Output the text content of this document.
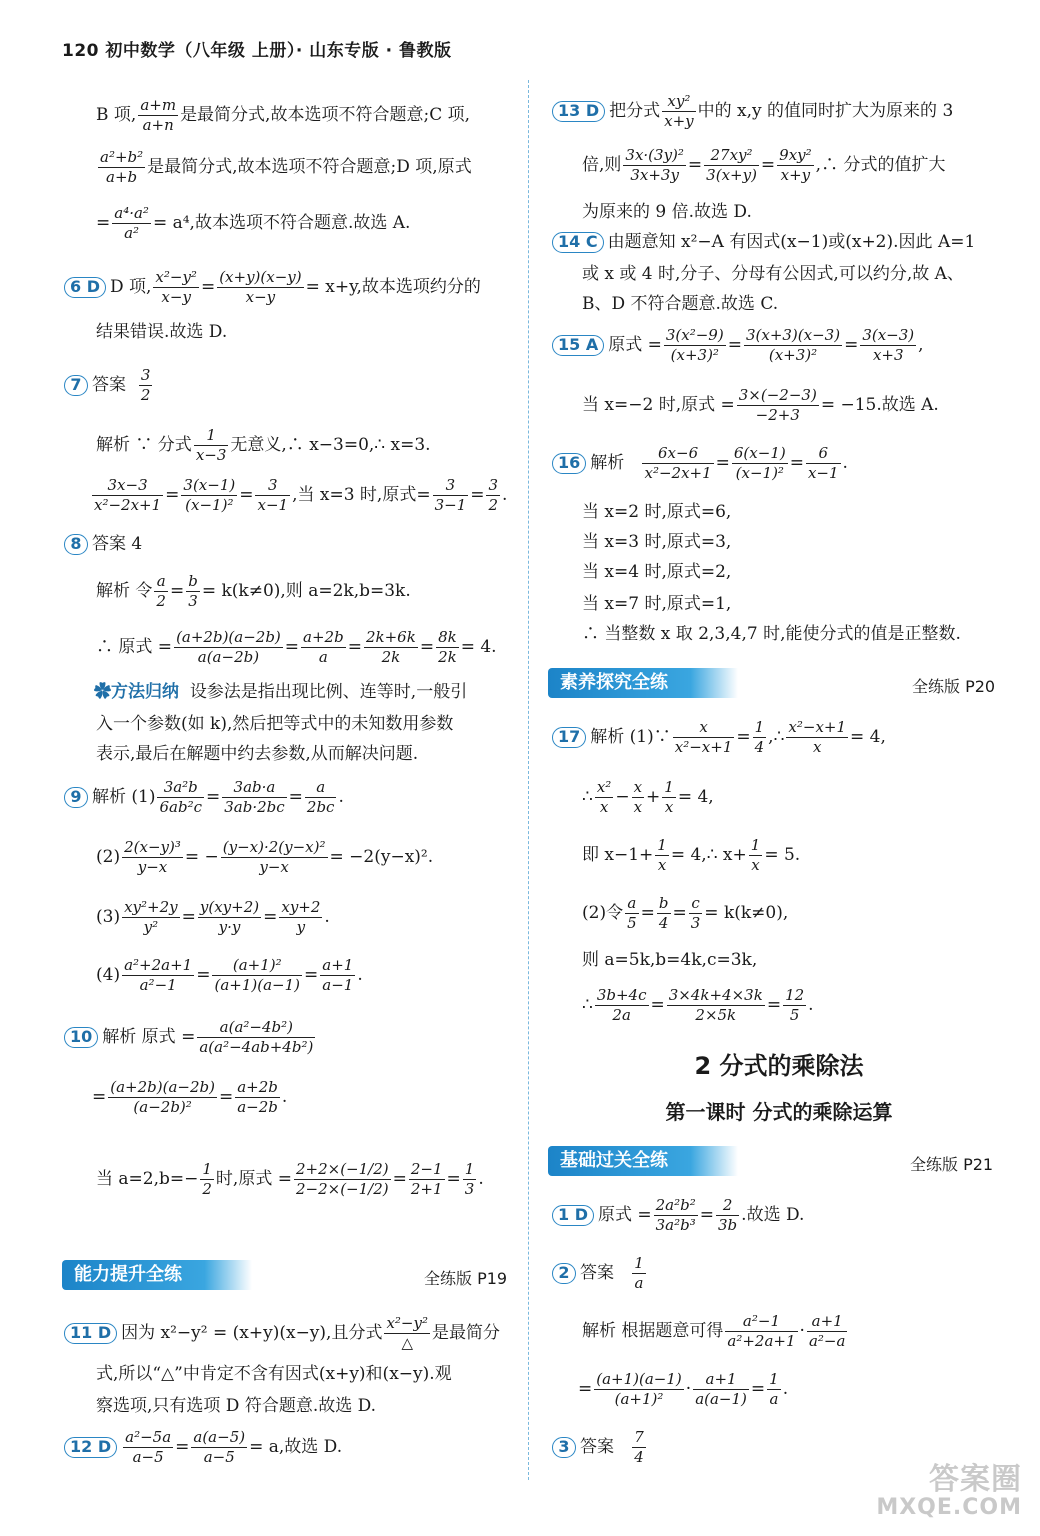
120 初中数学（八年级 上册）· 山东专版 · 鲁教版
B 项, $\frac{a+m}{a+n}$ 是最简分式,故本选项不符合题意;C 项,
$\frac{\text{a²+b²}}{a+b}$ 是最简分式,故本选项不符合题意;D 项,原式
= $\frac{\text{a⁴·a²}}{\text{a²}} = a^4$,故本选项不符合题意.故选 A.
6 D D 项, $\frac{\text{x²−y²}}{x-y} = \frac{(x+y)(x-y)}{x-y} = x+y$,故本选项约分的
结果错误.故选 D.
7 答案 $\frac{3}{2}$
解析 ∵ 分式 $\frac{1}{x-3}$ 无意义,∴ x−3=0,∴ x=3.
$\frac{3x-3}{\text{x²−2x+1}} = \frac{3(x-1)}{\text{(x−1)²}} = \frac{3}{x-1}$ ,当 x=3 时,原式= $\frac{3}{3-1} = \frac{3}{2}$ .
8 答案 4
解析 令 $\frac{a}{2} = \frac{b}{3} = k(k\ne 0)$,则 a=2k,b=3k.
∴ 原式 = $\frac{(a+2b)(a-2b)}{a(a-2b)} = \frac{a+2b}{a} = \frac{2k+6k}{2k} = \frac{8k}{2k} = 4$.
✿方法归纳 设参法是指出现比例、连等时,一般引
入一个参数(如 k),然后把等式中的未知数用参数
表示,最后在解题中约去参数,从而解决问题.
9 解析 $(1) \frac{\text{3a²b}}{\text{6ab²c}} = \frac{3ab\cdot a}{3ab\cdot 2bc} = \frac{a}{2bc}$ .
$(2) \frac{\text{2(x−y)³}}{y-x}$ = − $\frac{\text{(y−x)·2(y−x)²}}{y-x} = -2(y-x)^2$.
$(3) \frac{\text{xy²+2y}}{\text{y²}} = \frac{y(xy+2)}{y\cdot y} = \frac{xy+2}{y}$ .
$(4) \frac{\text{a²+2a+1}}{\text{a²−1}} = \frac{\text{(a+1)²}}{(a+1)(a-1)} = \frac{a+1}{a-1}$ .
10 解析 原式 = $\frac{\text{a(a²−4b²)}}{\text{a(a²−4ab+4b²)}}$
= $\frac{(a+2b)(a-2b)}{\text{(a−2b)²}} = \frac{a+2b}{a-2b}$ .
当 $a=2,b=- \frac{1}{2}$ 时,原式 = $\frac{2+2\times(-1/2)}{2-2\times(-1/2)} = \frac{2-1}{2+1} = \frac{1}{3}$ .
能力提升全练	全练版 P19
11 D 因为 x²−y² = (x+y)(x−y),且分式 $\frac{\text{x²−y²}}{\triangle}$ 是最简分
式,所以“△”中肯定不含有因式(x+y)和(x−y).观
察选项,只有选项 D 符合题意.故选 D.
12 D $\frac{\text{a²−5a}}{a-5} = \frac{a(a-5)}{a-5} = a$,故选 D.
13 D 把分式 $\frac{\text{xy²}}{x+y}$ 中的 x,y 的值同时扩大为原来的 3
倍,则 $\frac{\text{3x·(3y)²}}{3x+3y} = \frac{\text{27xy²}}{3(x+y)} = \frac{\text{9xy²}}{x+y}$ ,∴ 分式的值扩大
为原来的 9 倍.故选 D.
14 C 由题意知 x²−A 有因式(x−1)或(x+2).因此 A=1
或 x 或 4 时,分子、分母有公因式,可以约分,故 A、
B、D 不符合题意.故选 C.
15 A 原式 = $\frac{\text{3(x²−9)}}{\text{(x+3)²}} = \frac{3(x+3)(x-3)}{\text{(x+3)²}} = \frac{3(x-3)}{x+3}$ ,
当 x=−2 时,原式 = $\frac{3\times(-2-3)}{-2+3} = -15$.故选 A.
16 解析 $\frac{6x-6}{\text{x²−2x+1}} = \frac{6(x-1)}{\text{(x−1)²}} = \frac{6}{x-1}$ .
当 x=2 时,原式=6,
当 x=3 时,原式=3,
当 x=4 时,原式=2,
当 x=7 时,原式=1,
∴ 当整数 x 取 2,3,4,7 时,能使分式的值是正整数.
素养探究全练	全练版 P20
17 解析 (1)∵ $\frac{x}{\text{x²−x+1}} = \frac{1}{4}$ ,∴ $\frac{\text{x²−x+1}}{x} = 4$,
∴ $\frac{\text{x²}}{x} - \frac{x}{x} + \frac{1}{x} = 4$,
即 $x-1+ \frac{1}{x}$ = 4,∴ $x+ \frac{1}{x} = 5$.
(2)令 $\frac{a}{5} = \frac{b}{4} = \frac{c}{3} = k(k\ne 0)$,
则 a=5k,b=4k,c=3k,
∴ $\frac{3b+4c}{2a} = \frac{3\times 4k+4\times 3k}{2\times 5k} = \frac{12}{5}$ .
2 分式的乘除法
第一课时 分式的乘除运算
基础过关全练	全练版 P21
1 D 原式 = $\frac{\text{2a²b²}}{\text{3a²b³}} = \frac{2}{3b}$ .故选 D.
2 答案 $\frac{1}{a}$
解析 根据题意可得 $\frac{\text{a²−1}}{\text{a²+2a+1}} \cdot \frac{a+1}{\text{a²−a}}$
= $\frac{(a+1)(a-1)}{\text{(a+1)²}} \cdot \frac{a+1}{a(a-1)} = \frac{1}{a}$ .
3 答案 $\frac{7}{4}$
答案圈
MXQE.COM
